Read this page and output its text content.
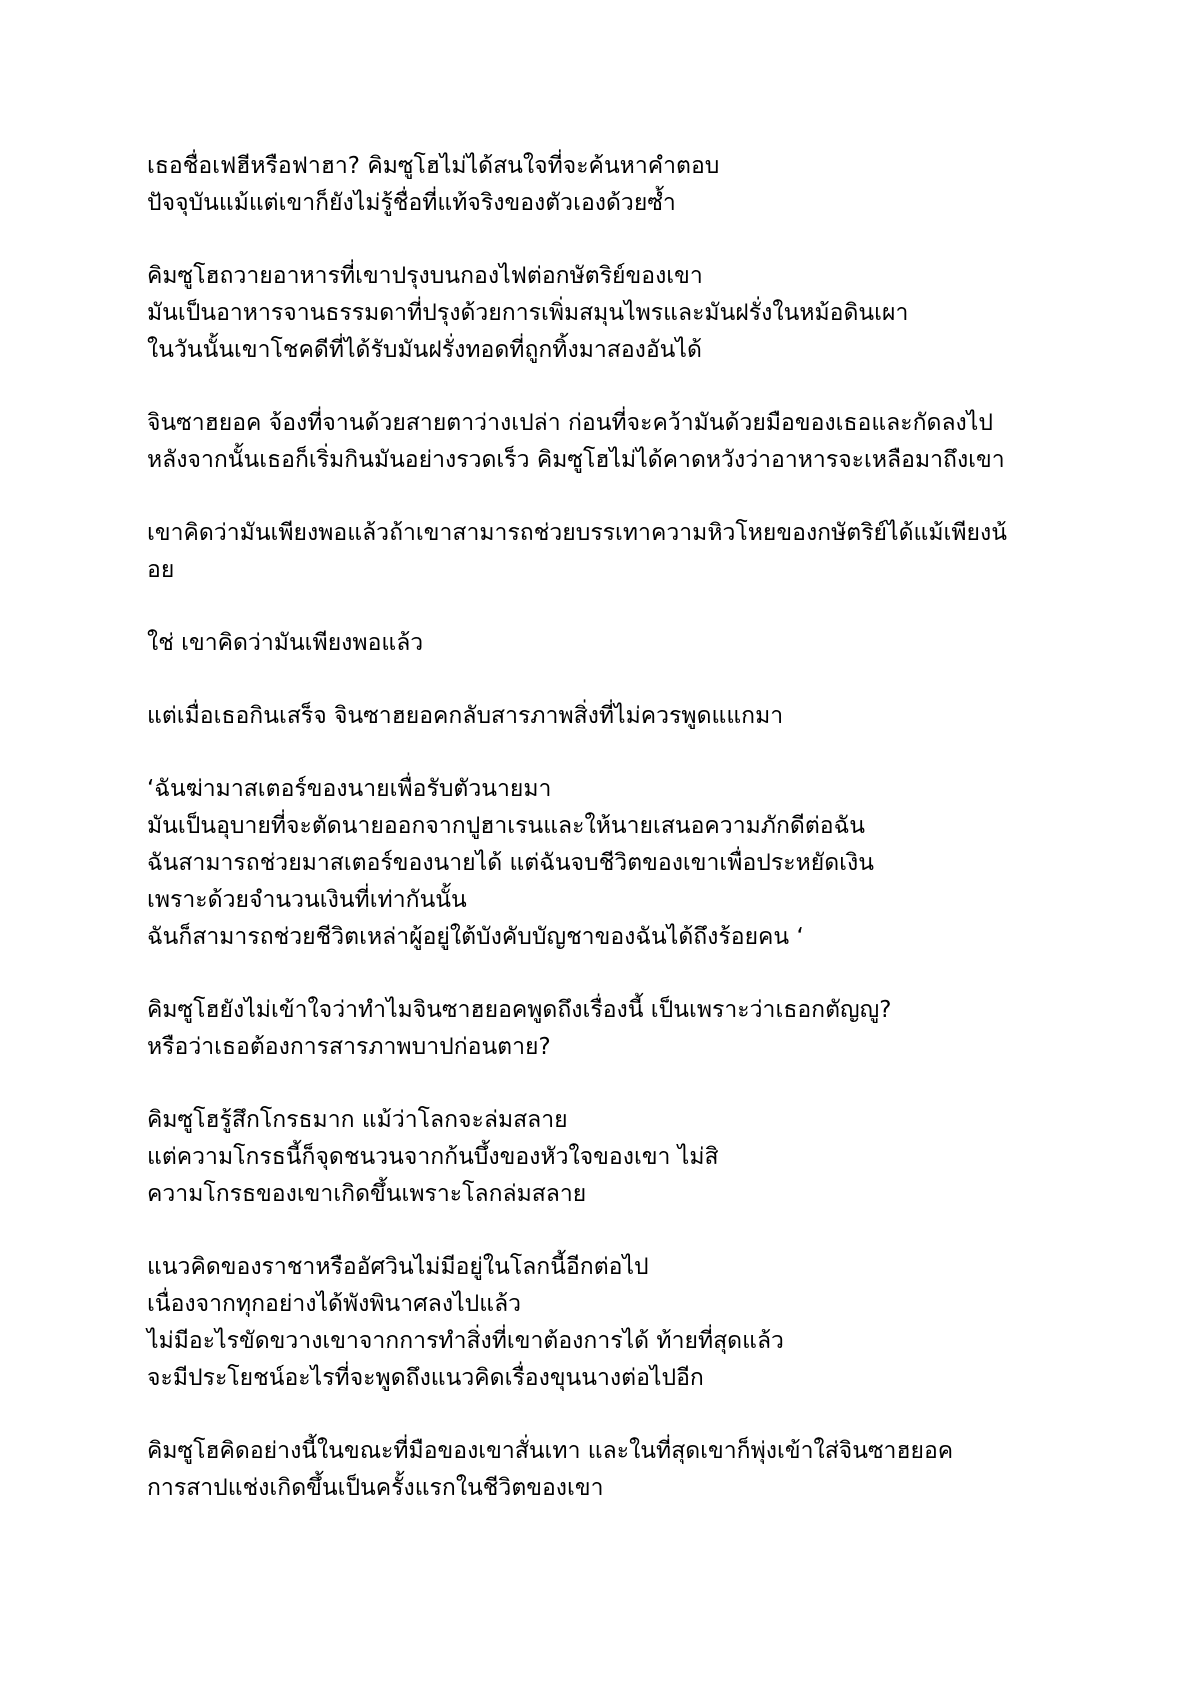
เธอชื่อเฟฮีหรือฟาฮา? คิมซูโฮไม่ได้สนใจที่จะค้นหาคำตอบ
ปัจจุบันแม้แต่เขาก็ยังไม่รู้ชื่อที่แท้จริงของตัวเองด้วยซ้ำ
คิมซูโฮถวายอาหารที่เขาปรุงบนกองไฟต่อกษัตริย์ของเขา
มันเป็นอาหารจานธรรมดาที่ปรุงด้วยการเพิ่มสมุนไพรและมันฝรั่งในหม้อดินเผา
ในวันนั้นเขาโชคดีที่ได้รับมันฝรั่งทอดที่ถูกทิ้งมาสองอันได้
จินซาฮยอค จ้องที่จานด้วยสายตาว่างเปล่า ก่อนที่จะคว้ามันด้วยมือของเธอและกัดลงไป
หลังจากนั้นเธอก็เริ่มกินมันอย่างรวดเร็ว คิมซูโฮไม่ได้คาดหวังว่าอาหารจะเหลือมาถึงเขา
เขาคิดว่ามันเพียงพอแล้วถ้าเขาสามารถช่วยบรรเทาความหิวโหยของกษัตริย์ได้แม้เพียงน้
อย
ใช่ เขาคิดว่ามันเพียงพอแล้ว
แต่เมื่อเธอกินเสร็จ จินซาฮยอคกลับสารภาพสิ่งที่ไม่ควรพูดแแกมา
‘ฉันฆ่ามาสเตอร์ของนายเพื่อรับตัวนายมา
มันเป็นอุบายที่จะตัดนายออกจากปูฮาเรนและให้นายเสนอความภักดีต่อฉัน
ฉันสามารถช่วยมาสเตอร์ของนายได้ แต่ฉันจบชีวิตของเขาเพื่อประหยัดเงิน
เพราะด้วยจำนวนเงินที่เท่ากันนั้น
ฉันก็สามารถช่วยชีวิตเหล่าผู้อยู่ใต้บังคับบัญชาของฉันได้ถึงร้อยคน ‘
คิมซูโฮยังไม่เข้าใจว่าทำไมจินซาฮยอคพูดถึงเรื่องนี้ เป็นเพราะว่าเธอกตัญญู?
หรือว่าเธอต้องการสารภาพบาปก่อนตาย?
คิมซูโฮรู้สึกโกรธมาก แม้ว่าโลกจะล่มสลาย
แต่ความโกรธนี้ก็จุดชนวนจากก้นบึ้งของหัวใจของเขา ไม่สิ
ความโกรธของเขาเกิดขึ้นเพราะโลกล่มสลาย
แนวคิดของราชาหรืออัศวินไม่มีอยู่ในโลกนี้อีกต่อไป
เนื่องจากทุกอย่างได้พังพินาศลงไปแล้ว
ไม่มีอะไรขัดขวางเขาจากการทำสิ่งที่เขาต้องการได้ ท้ายที่สุดแล้ว
จะมีประโยชน์อะไรที่จะพูดถึงแนวคิดเรื่องขุนนางต่อไปอีก
คิมซูโฮคิดอย่างนี้ในขณะที่มือของเขาสั่นเทา และในที่สุดเขาก็พุ่งเข้าใส่จินซาฮยอค
การสาปแช่งเกิดขึ้นเป็นครั้งแรกในชีวิตของเขา
